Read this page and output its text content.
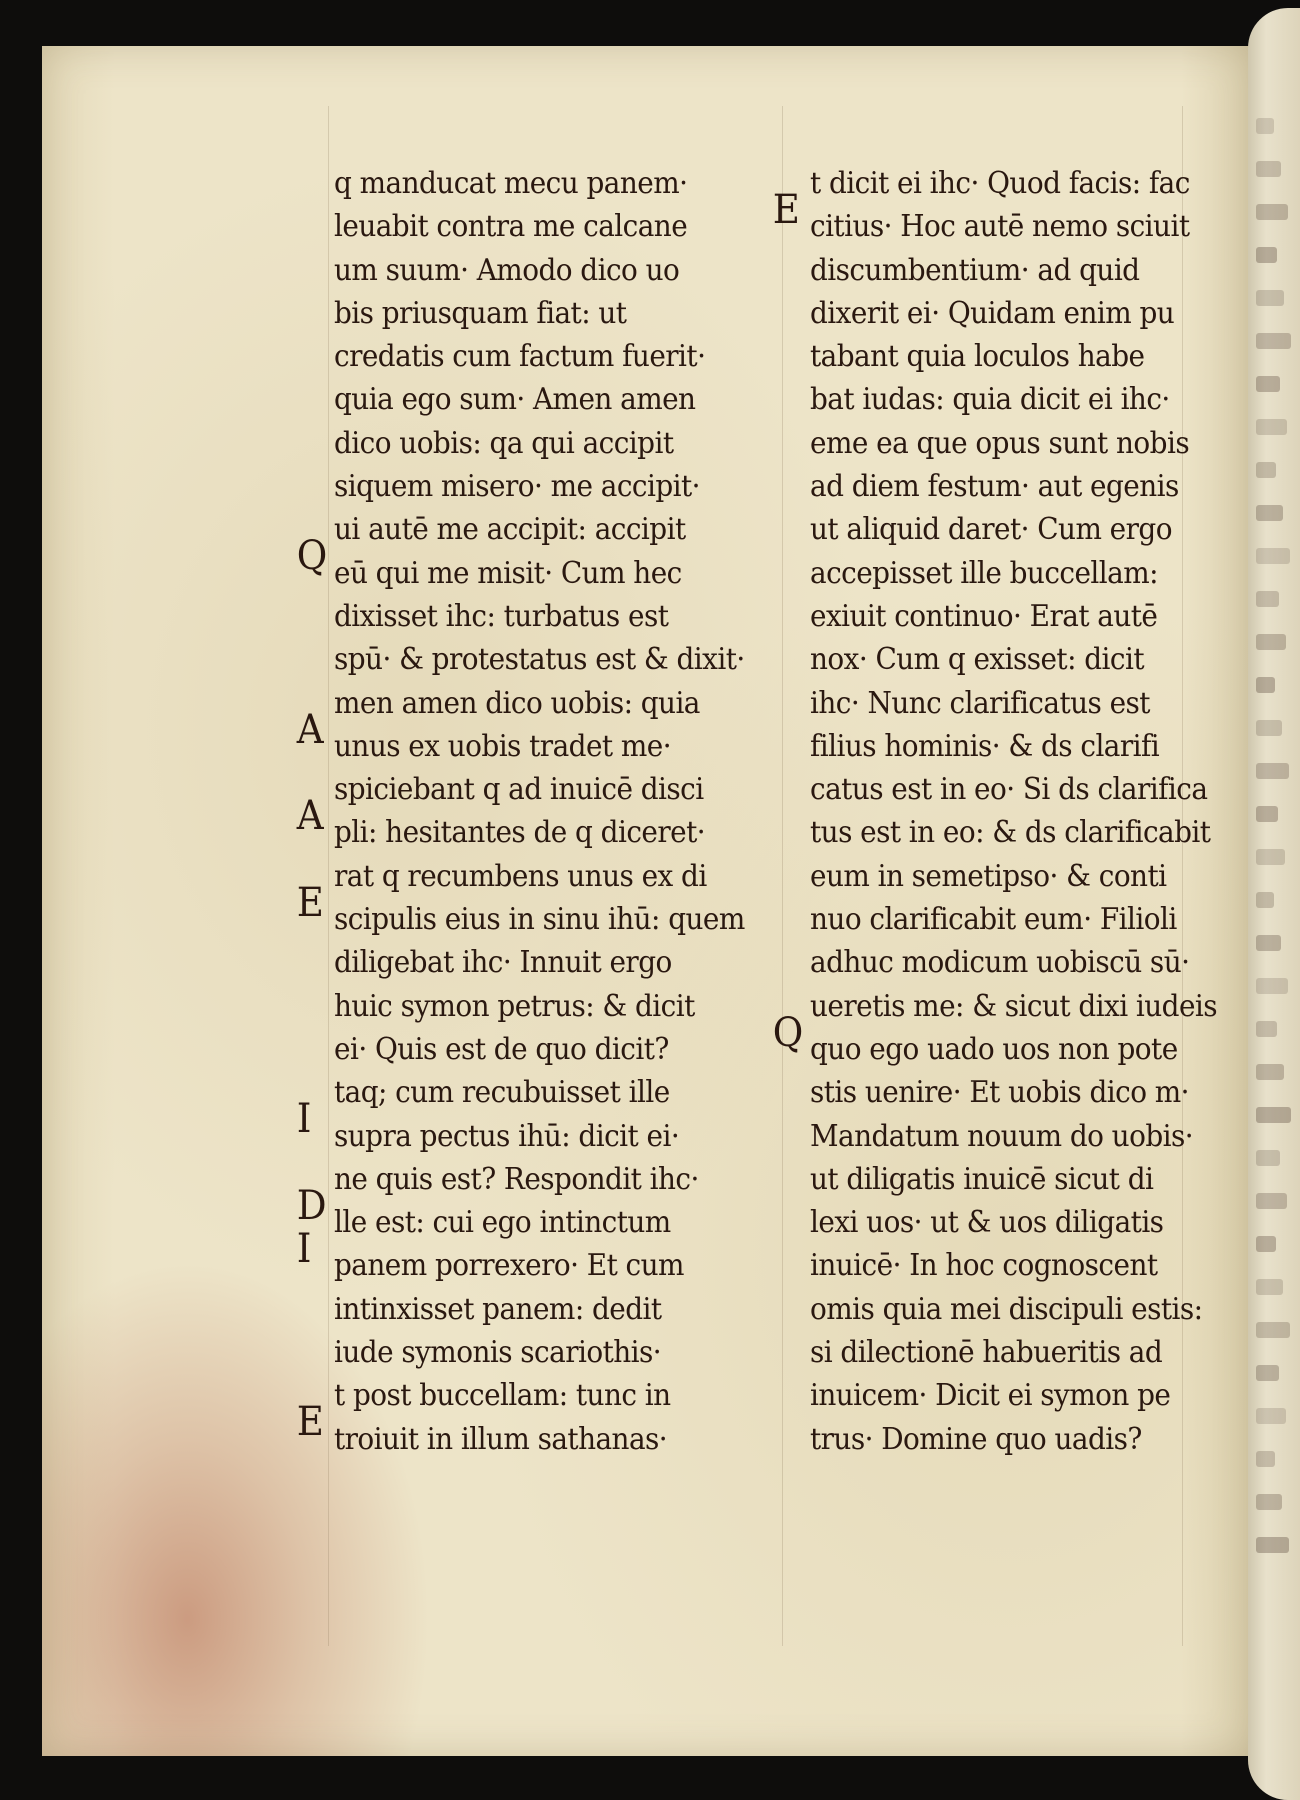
q manducat mecu panem·
leuabit contra me calcane
um suum· Amodo dico uo
bis priusquam fiat: ut
credatis cum factum fuerit·
quia ego sum· Amen amen
dico uobis: qa qui accipit
siquem misero· me accipit·
Q
ui autē me accipit: accipit
eū qui me misit· Cum hec
dixisset ihc: turbatus est
spū· & protestatus est & dixit·
A
men amen dico uobis: quia
unus ex uobis tradet me·
A
spiciebant q ad inuicē disci
pli: hesitantes de q diceret·
E
rat q recumbens unus ex di
scipulis eius in sinu ihū: quem
diligebat ihc· Innuit ergo
huic symon petrus: & dicit
ei· Quis est de quo dicit?
I
taq; cum recubuisset ille
supra pectus ihū: dicit ei·
D
ne quis est? Respondit ihc·
I
lle est: cui ego intinctum
panem porrexero· Et cum
intinxisset panem: dedit
iude symonis scariothis·
E
t post buccellam: tunc in
troiuit in illum sathanas·
E
t dicit ei ihc· Quod facis: fac
citius· Hoc autē nemo sciuit
discumbentium· ad quid
dixerit ei· Quidam enim pu
tabant quia loculos habe
bat iudas: quia dicit ei ihc·
eme ea que opus sunt nobis
ad diem festum· aut egenis
ut aliquid daret· Cum ergo
accepisset ille buccellam:
exiuit continuo· Erat autē
nox· Cum q exisset: dicit
ihc· Nunc clarificatus est
filius hominis· & ds clarifi
catus est in eo· Si ds clarifica
tus est in eo: & ds clarificabit
eum in semetipso· & conti
nuo clarificabit eum· Filioli
adhuc modicum uobiscū sū·
Q
ueretis me: & sicut dixi iudeis
quo ego uado uos non pote
stis uenire· Et uobis dico m·
Mandatum nouum do uobis·
ut diligatis inuicē sicut di
lexi uos· ut & uos diligatis
inuicē· In hoc cognoscent
omis quia mei discipuli estis:
si dilectionē habueritis ad
inuicem· Dicit ei symon pe
trus· Domine quo uadis?
